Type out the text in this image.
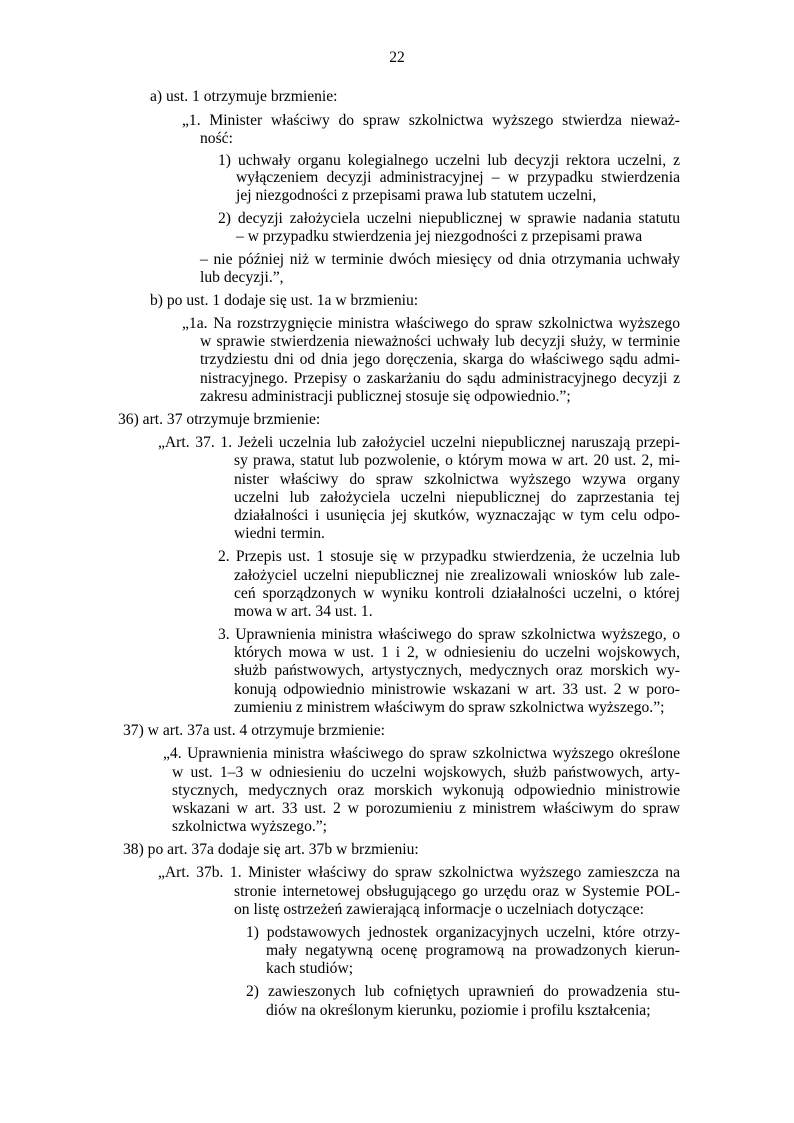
22
a) ust. 1 otrzymuje brzmienie:
„1. Minister właściwy do spraw szkolnictwa wyższego stwierdza nieważ-
ność:
1) uchwały organu kolegialnego uczelni lub decyzji rektora uczelni, z
wyłączeniem decyzji administracyjnej – w przypadku stwierdzenia
jej niezgodności z przepisami prawa lub statutem uczelni,
2) decyzji założyciela uczelni niepublicznej w sprawie nadania statutu
– w przypadku stwierdzenia jej niezgodności z przepisami prawa
– nie później niż w terminie dwóch miesięcy od dnia otrzymania uchwały
lub decyzji.”,
b) po ust. 1 dodaje się ust. 1a w brzmieniu:
„1a. Na rozstrzygnięcie ministra właściwego do spraw szkolnictwa wyższego
w sprawie stwierdzenia nieważności uchwały lub decyzji służy, w terminie
trzydziestu dni od dnia jego doręczenia, skarga do właściwego sądu admi-
nistracyjnego. Przepisy o zaskarżaniu do sądu administracyjnego decyzji z
zakresu administracji publicznej stosuje się odpowiednio.”;
36) art. 37 otrzymuje brzmienie:
„Art. 37. 1. Jeżeli uczelnia lub założyciel uczelni niepublicznej naruszają przepi-
sy prawa, statut lub pozwolenie, o którym mowa w art. 20 ust. 2, mi-
nister właściwy do spraw szkolnictwa wyższego wzywa organy
uczelni lub założyciela uczelni niepublicznej do zaprzestania tej
działalności i usunięcia jej skutków, wyznaczając w tym celu odpo-
wiedni termin.
2. Przepis ust. 1 stosuje się w przypadku stwierdzenia, że uczelnia lub
założyciel uczelni niepublicznej nie zrealizowali wniosków lub zale-
ceń sporządzonych w wyniku kontroli działalności uczelni, o której
mowa w art. 34 ust. 1.
3. Uprawnienia ministra właściwego do spraw szkolnictwa wyższego, o
których mowa w ust. 1 i 2, w odniesieniu do uczelni wojskowych,
służb państwowych, artystycznych, medycznych oraz morskich wy-
konują odpowiednio ministrowie wskazani w art. 33 ust. 2 w poro-
zumieniu z ministrem właściwym do spraw szkolnictwa wyższego.”;
37) w art. 37a ust. 4 otrzymuje brzmienie:
„4. Uprawnienia ministra właściwego do spraw szkolnictwa wyższego określone
w ust. 1–3 w odniesieniu do uczelni wojskowych, służb państwowych, arty-
stycznych, medycznych oraz morskich wykonują odpowiednio ministrowie
wskazani w art. 33 ust. 2 w porozumieniu z ministrem właściwym do spraw
szkolnictwa wyższego.”;
38) po art. 37a dodaje się art. 37b w brzmieniu:
„Art. 37b. 1. Minister właściwy do spraw szkolnictwa wyższego zamieszcza na
stronie internetowej obsługującego go urzędu oraz w Systemie POL-
on listę ostrzeżeń zawierającą informacje o uczelniach dotyczące:
1) podstawowych jednostek organizacyjnych uczelni, które otrzy-
mały negatywną ocenę programową na prowadzonych kierun-
kach studiów;
2) zawieszonych lub cofniętych uprawnień do prowadzenia stu-
diów na określonym kierunku, poziomie i profilu kształcenia;
